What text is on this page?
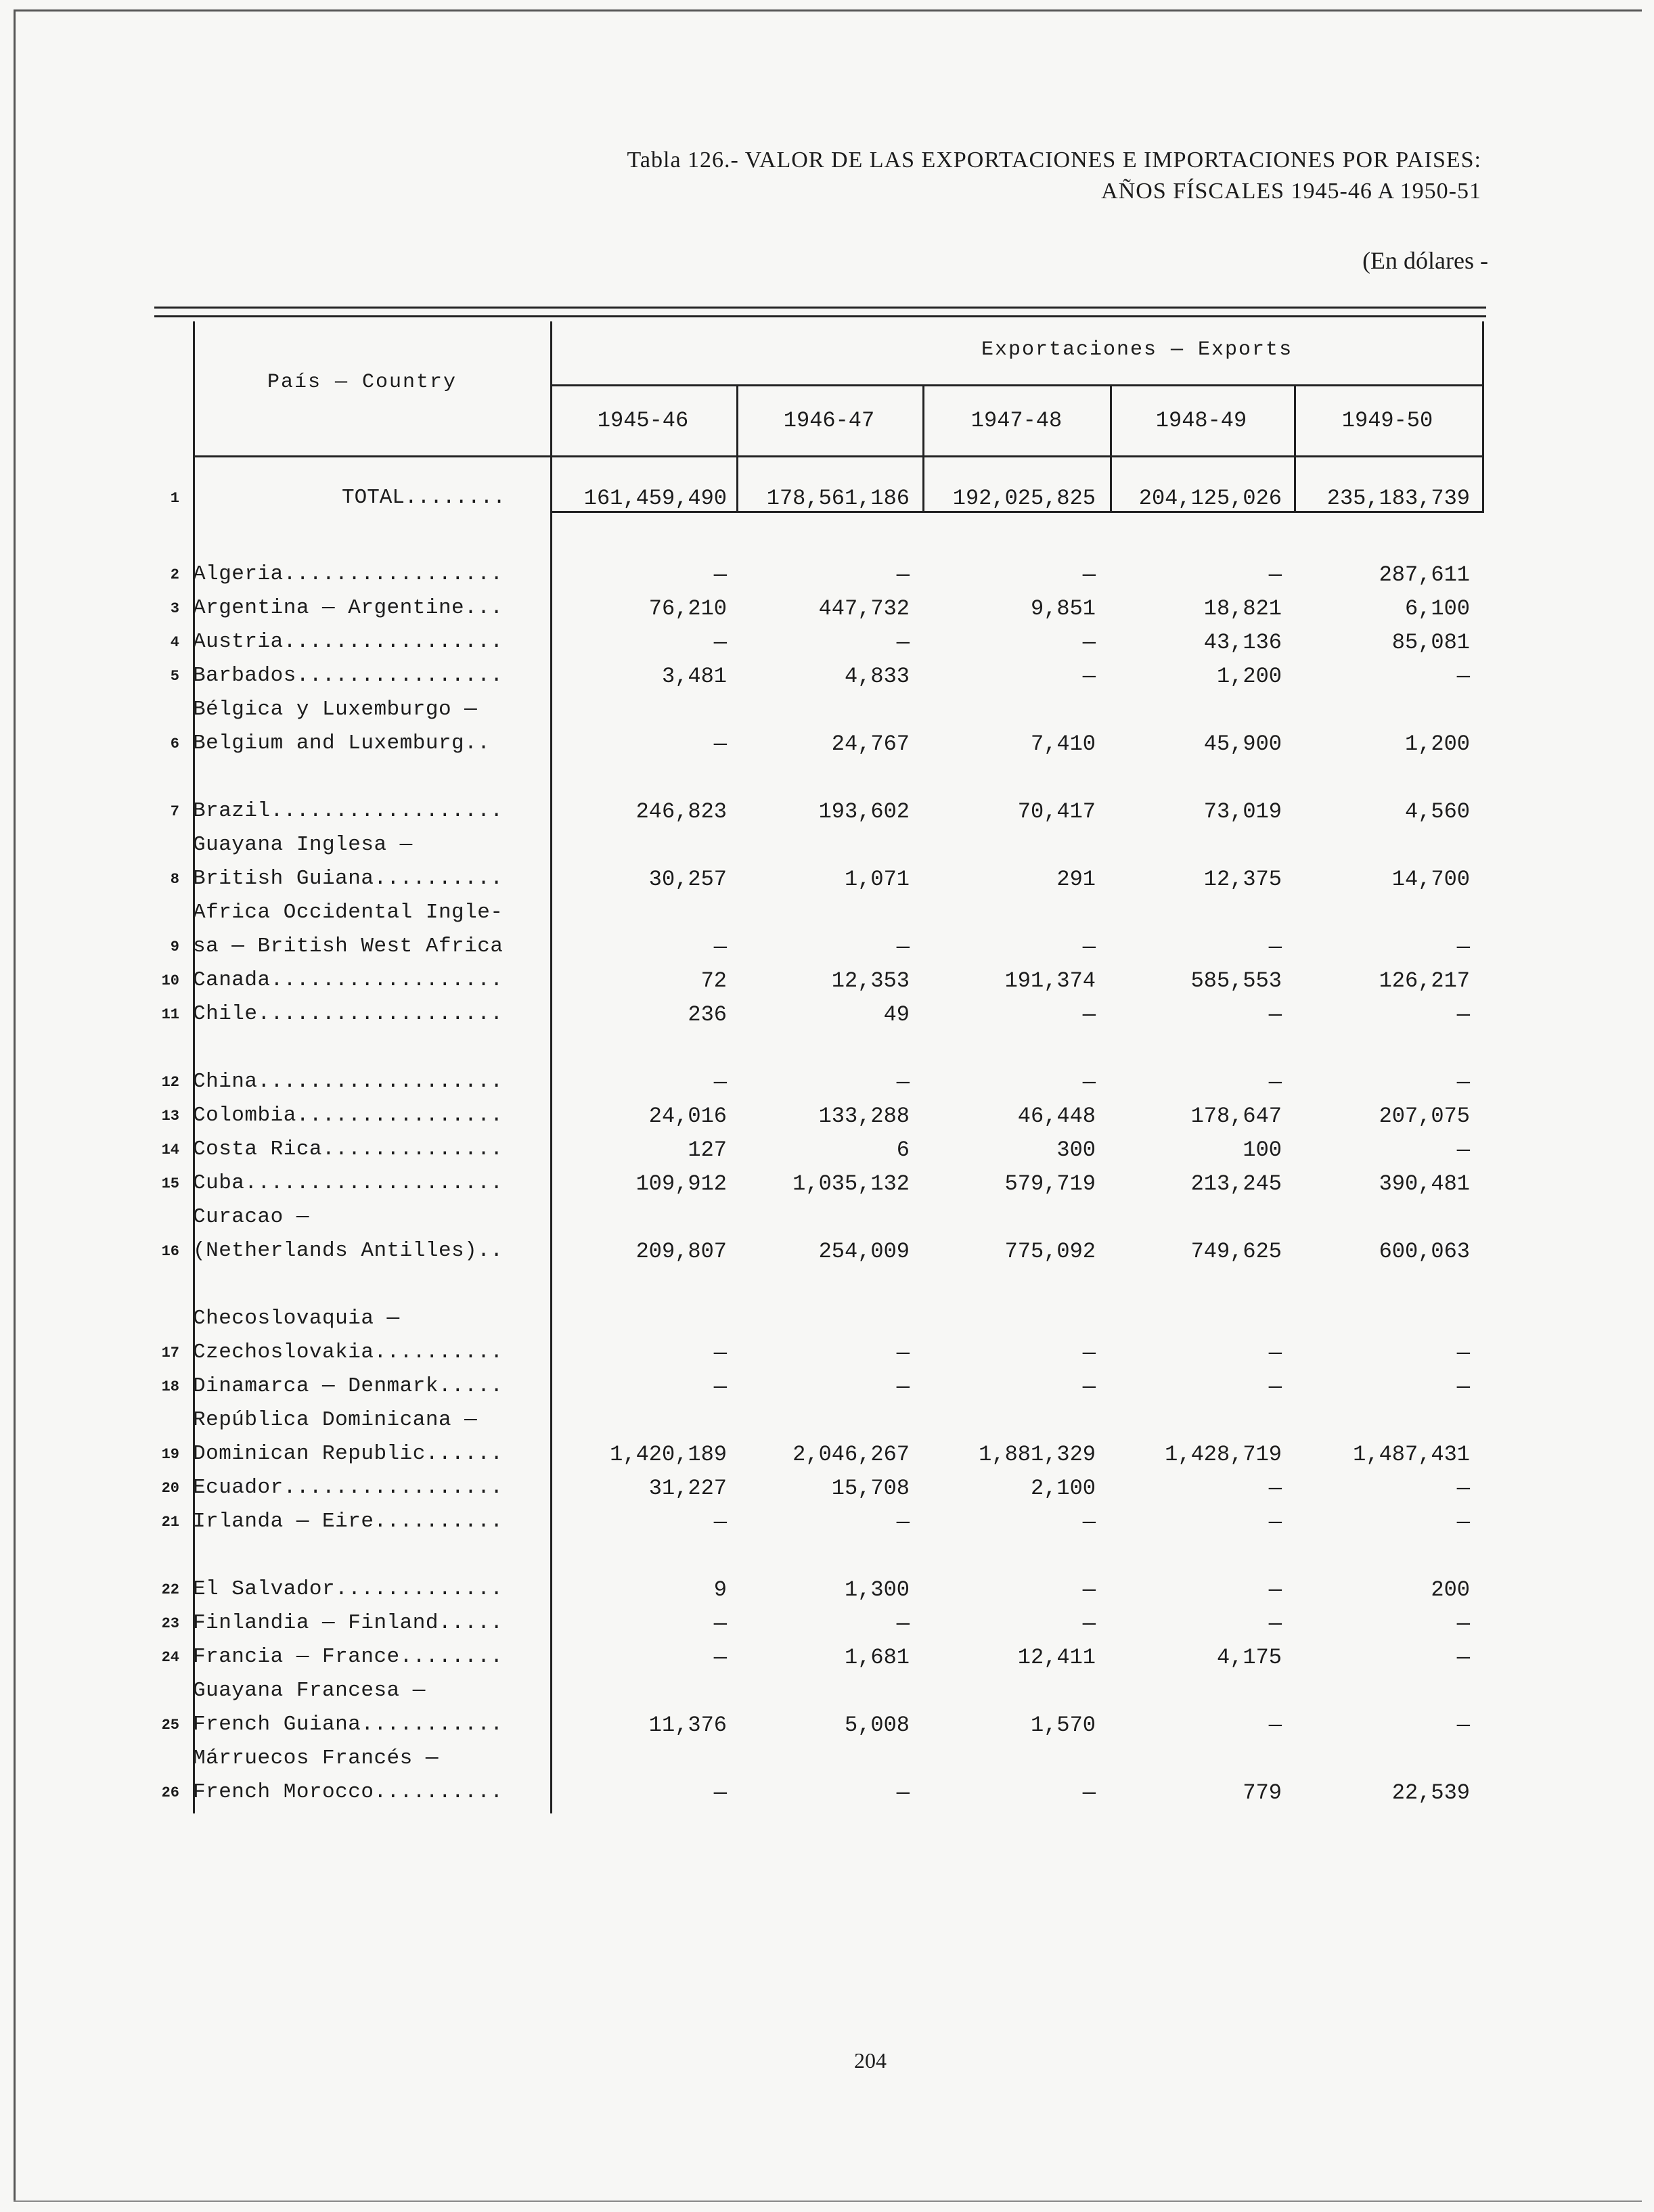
Tabla 126.- VALOR DE LAS EXPORTACIONES E IMPORTACIONES POR PAISES:
AÑOS FÍSCALES 1945-46 A 1950-51
(En dólares -
País — Country
Exportaciones — Exports
1945-46	1946-47	1947-48	1948-49	1949-50
1	TOTAL........	161,459,490 178,561,186 192,025,825 204,125,026 235,183,739
2 Algeria.................	—	—	—	—	287,611
3 Argentina — Argentine...	76,210	447,732	9,851	18,821	6,100
4 Austria.................	—	—	—	43,136	85,081
5 Barbados................	3,481	4,833	—	1,200	—
Bélgica y Luxemburgo —
6 Belgium and Luxemburg..	—	24,767	7,410	45,900	1,200
7 Brazil..................	246,823	193,602	70,417	73,019	4,560
Guayana Inglesa —
8 British Guiana..........	30,257	1,071	291	12,375	14,700
Africa Occidental Ingle-
9 sa — British West Africa	—	—	—	—	—
10 Canada..................	72	12,353	191,374	585,553	126,217
11 Chile...................	236	49	—	—	—
12 China...................	—	—	—	—	—
13 Colombia................	24,016	133,288	46,448	178,647	207,075
14 Costa Rica..............	127	6	300	100	—
15 Cuba....................	109,912	1,035,132	579,719	213,245	390,481
Curacao —
16 (Netherlands Antilles)..	209,807	254,009	775,092	749,625	600,063
Checoslovaquia —
17 Czechoslovakia..........	—	—	—	—	—
18 Dinamarca — Denmark.....	—	—	—	—	—
República Dominicana —
19 Dominican Republic......	1,420,189	2,046,267	1,881,329	1,428,719	1,487,431
20 Ecuador.................	31,227	15,708	2,100	—	—
21 Irlanda — Eire..........	—	—	—	—	—
22 El Salvador.............	9	1,300	—	—	200
23 Finlandia — Finland.....	—	—	—	—	—
24 Francia — France........	—	1,681	12,411	4,175	—
Guayana Francesa —
25 French Guiana...........	11,376	5,008	1,570	—	—
Márruecos Francés —
26 French Morocco..........	—	—	—	779	22,539
204
